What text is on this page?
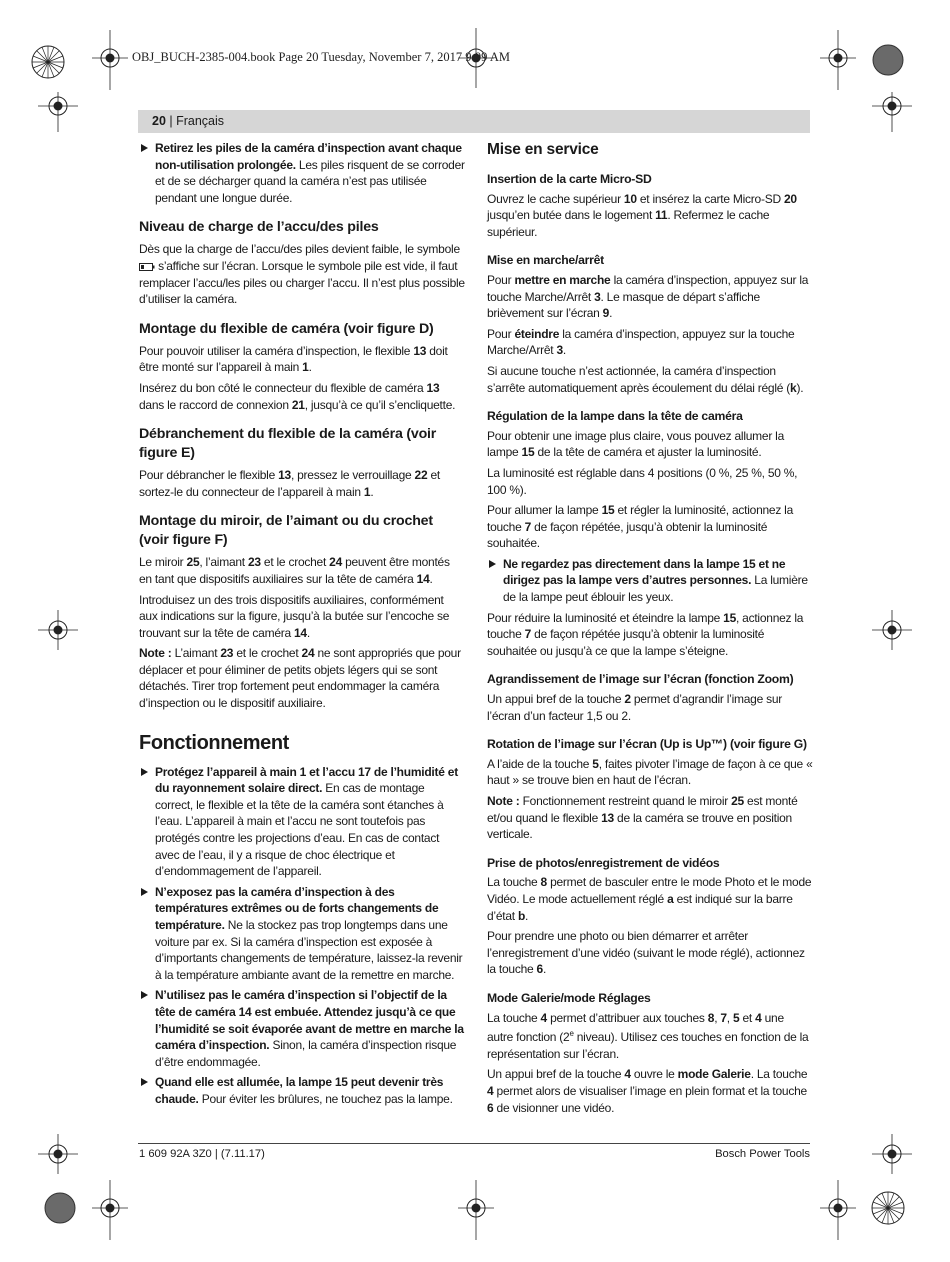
OBJ_BUCH-2385-004.book Page 20 Tuesday, November 7, 2017 9:09 AM
20 | Français
Retirez les piles de la caméra d’inspection avant chaque non-utilisation prolongée. Les piles risquent de se corroder et de se décharger quand la caméra n’est pas utilisée pendant une longue durée.
Niveau de charge de l’accu/des piles

Dès que la charge de l’accu/des piles devient faible, le symbole  s’affiche sur l’écran. Lorsque le symbole pile est vide, il faut remplacer l’accu/les piles ou charger l’accu. Il n’est plus possible d’utiliser la caméra.

Montage du flexible de caméra (voir figure D)

Pour pouvoir utiliser la caméra d’inspection, le flexible 13 doit être monté sur l’appareil à main 1.

Insérez du bon côté le connecteur du flexible de caméra 13 dans le raccord de connexion 21, jusqu’à ce qu’il s’encliquette.

Débranchement du flexible de la caméra (voir figure E)

Pour débrancher le flexible 13, pressez le verrouillage 22 et sortez-le du connecteur de l’appareil à main 1.

Montage du miroir, de l’aimant ou du crochet (voir figure F)

Le miroir 25, l’aimant 23 et le crochet 24 peuvent être montés en tant que dispositifs auxiliaires sur la tête de caméra 14.

Introduisez un des trois dispositifs auxiliaires, conformément aux indications sur la figure, jusqu’à la butée sur l’encoche se trouvant sur la tête de caméra 14.

Note : L’aimant 23 et le crochet 24 ne sont appropriés que pour déplacer et pour éliminer de petits objets légers qui se sont détachés. Tirer trop fortement peut endommager la caméra d’inspection ou le dispositif auxiliaire.

Fonctionnement
Protégez l’appareil à main 1 et l’accu 17 de l’humidité et du rayonnement solaire direct. En cas de montage correct, le flexible et la tête de la caméra sont étanches à l’eau. L’appareil à main et l’accu ne sont toutefois pas protégés contre les projections d’eau. En cas de contact avec de l’eau, il y a risque de choc électrique et d’endommagement de l’appareil.
N’exposez pas la caméra d’inspection à des températures extrêmes ou de forts changements de température. Ne la stockez pas trop longtemps dans une voiture par ex. Si la caméra d’inspection est exposée à d’importants changements de température, laissez-la revenir à la température ambiante avant de la remettre en marche.
N’utilisez pas le caméra d’inspection si l’objectif de la tête de caméra 14 est embuée. Attendez jusqu’à ce que l’humidité se soit évaporée avant de mettre en marche la caméra d’inspection. Sinon, la caméra d’inspection risque d’être endommagée.
Quand elle est allumée, la lampe 15 peut devenir très chaude. Pour éviter les brûlures, ne touchez pas la lampe.
Mise en service
Insertion de la carte Micro-SD

Ouvrez le cache supérieur 10 et insérez la carte Micro-SD 20 jusqu’en butée dans le logement 11. Refermez le cache supérieur.

Mise en marche/arrêt

Pour mettre en marche la caméra d’inspection, appuyez sur la touche Marche/Arrêt 3. Le masque de départ s’affiche brièvement sur l’écran 9.

Pour éteindre la caméra d’inspection, appuyez sur la touche Marche/Arrêt 3.

Si aucune touche n’est actionnée, la caméra d’inspection s’arrête automatiquement après écoulement du délai réglé (k).

Régulation de la lampe dans la tête de caméra

Pour obtenir une image plus claire, vous pouvez allumer la lampe 15 de la tête de caméra et ajuster la luminosité.

La luminosité est réglable dans 4 positions (0 %, 25 %, 50 %, 100 %).

Pour allumer la lampe 15 et régler la luminosité, actionnez la touche 7 de façon répétée, jusqu’à obtenir la luminosité souhaitée.

Ne regardez pas directement dans la lampe 15 et ne dirigez pas la lampe vers d’autres personnes. La lumière de la lampe peut éblouir les yeux.

Pour réduire la luminosité et éteindre la lampe 15, actionnez la touche 7 de façon répétée jusqu’à obtenir la luminosité souhaitée ou jusqu’à ce que la lampe s’éteigne.

Agrandissement de l’image sur l’écran (fonction Zoom)

Un appui bref de la touche 2 permet d’agrandir l’image sur l’écran d’un facteur 1,5 ou 2.

Rotation de l’image sur l’écran (Up is Up™) (voir figure G)

A l’aide de la touche 5, faites pivoter l’image de façon à ce que « haut » se trouve bien en haut de l’écran.

Note : Fonctionnement restreint quand le miroir 25 est monté et/ou quand le flexible 13 de la caméra se trouve en position verticale.

Prise de photos/enregistrement de vidéos

La touche 8 permet de basculer entre le mode Photo et le mode Vidéo. Le mode actuellement réglé a est indiqué sur la barre d’état b.

Pour prendre une photo ou bien démarrer et arrêter l’enregistrement d’une vidéo (suivant le mode réglé), actionnez la touche 6.

Mode Galerie/mode Réglages

La touche 4 permet d’attribuer aux touches 8, 7, 5 et 4 une autre fonction (2e niveau). Utilisez ces touches en fonction de la représentation sur l’écran.

Un appui bref de la touche 4 ouvre le mode Galerie. La touche 4 permet alors de visualiser l’image en plein format et la touche 6 de visionner une vidéo.

1 609 92A 3Z0 | (7.11.17)	Bosch Power Tools
